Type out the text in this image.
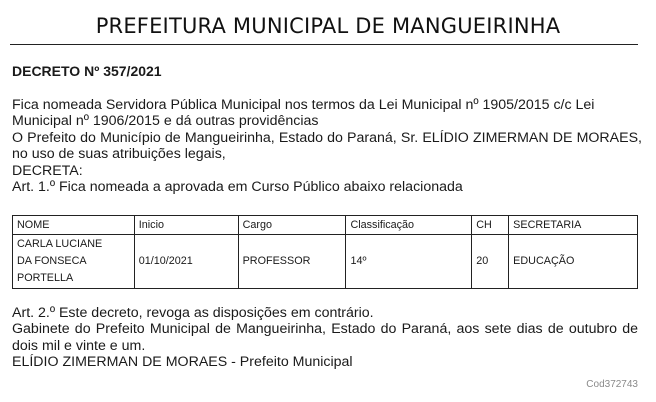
PREFEITURA MUNICIPAL DE MANGUEIRINHA
DECRETO Nº 357/2021

Fica nomeada Servidora Pública Municipal nos termos da Lei Municipal nº 1905/2015 c/c Lei Municipal nº 1906/2015 e dá outras providências

O Prefeito do Município de Mangueirinha, Estado do Paraná, Sr. ELÍDIO ZIMERMAN DE MORAES, no uso de suas atribuições legais,

DECRETA:

Art. 1.º Fica nomeada a aprovada em Curso Público abaixo relacionada

NOME	Inicio	Cargo	Classificação	CH	SECRETARIA

CARLA LUCIANE
DA FONSECA
PORTELLA	01/10/2021	PROFESSOR	14º	20	EDUCAÇÃO

Art. 2.º Este decreto, revoga as disposições em contrário.

Gabinete do Prefeito Municipal de Mangueirinha, Estado do Paraná, aos sete dias de outubro de dois mil e vinte e um.

ELÍDIO ZIMERMAN DE MORAES - Prefeito Municipal

Cod372743
